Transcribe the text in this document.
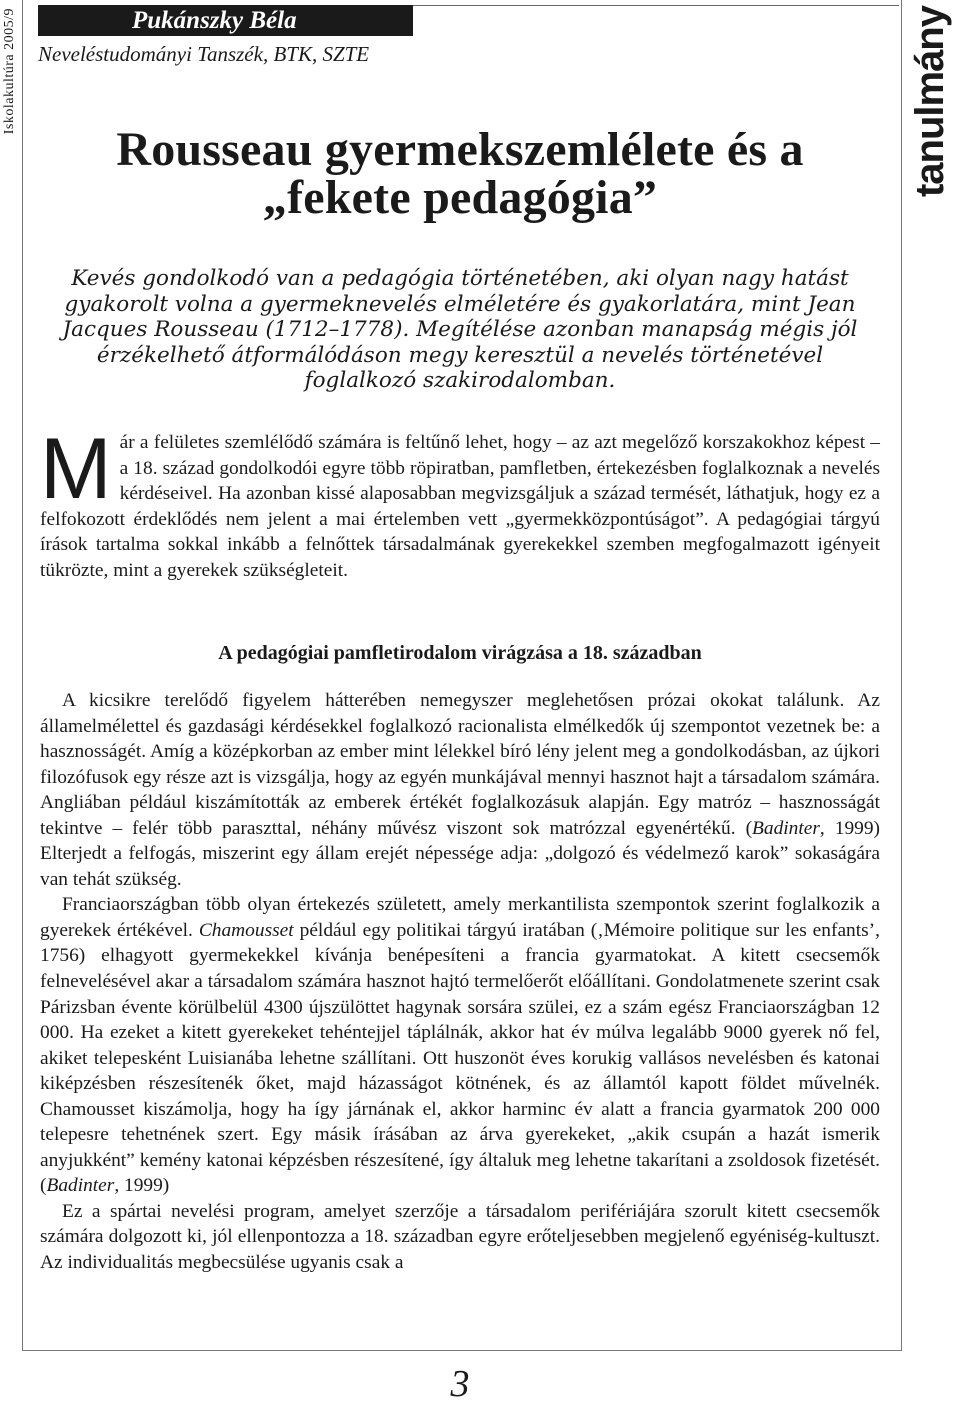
Iskolakultúra 2005/9	tanulmány
Pukánszky Béla
Neveléstudományi Tanszék, BTK, SZTE
Rousseau gyermekszemlélete és a
„fekete pedagógia”
Kevés gondolkodó van a pedagógia történetében, aki olyan nagy hatást gyakorolt volna a gyermeknevelés elméletére és gyakorlatára, mint Jean Jacques Rousseau (1712–1778). Megítélése azonban manapság mégis jól érzékelhető átformálódáson megy keresztül a nevelés történetével foglalkozó szakirodalomban.
Már a felületes szemlélődő számára is feltűnő lehet, hogy – az azt megelőző korszakokhoz képest – a 18. század gondolkodói egyre több röpiratban, pamfletben, értekezésben foglalkoznak a nevelés kérdéseivel. Ha azonban kissé alaposabban megvizsgáljuk a század termését, láthatjuk, hogy ez a felfokozott érdeklődés nem jelent a mai értelemben vett „gyermekközpontúságot”. A pedagógiai tárgyú írások tartalma sokkal inkább a felnőttek társadalmának gyerekekkel szemben megfogalmazott igényeit tükrözte, mint a gyerekek szükségleteit.
A pedagógiai pamfletirodalom virágzása a 18. században

A kicsikre terelődő figyelem hátterében nemegyszer meglehetősen prózai okokat találunk. Az államelmélettel és gazdasági kérdésekkel foglalkozó racionalista elmélkedők új szempontot vezetnek be: a hasznosságét. Amíg a középkorban az ember mint lélekkel bíró lény jelent meg a gondolkodásban, az újkori filozófusok egy része azt is vizsgálja, hogy az egyén munkájával mennyi hasznot hajt a társadalom számára. Angliában például kiszámították az emberek értékét foglalkozásuk alapján. Egy matróz – hasznosságát tekintve – felér több paraszttal, néhány művész viszont sok matrózzal egyenértékű. (Badinter, 1999) Elterjedt a felfogás, miszerint egy állam erejét népessége adja: „dolgozó és védelmező karok” sokaságára van tehát szükség.

Franciaországban több olyan értekezés született, amely merkantilista szempontok szerint foglalkozik a gyerekek értékével. Chamousset például egy politikai tárgyú iratában (‚Mémoire politique sur les enfants’, 1756) elhagyott gyermekekkel kívánja benépesíteni a francia gyarmatokat. A kitett csecsemők felnevelésével akar a társadalom számára hasznot hajtó termelőerőt előállítani. Gondolatmenete szerint csak Párizsban évente körülbelül 4300 újszülöttet hagynak sorsára szülei, ez a szám egész Franciaországban 12 000. Ha ezeket a kitett gyerekeket tehéntejjel táplálnák, akkor hat év múlva legalább 9000 gyerek nő fel, akiket telepesként Luisianába lehetne szállítani. Ott huszonöt éves korukig vallásos nevelésben és katonai kiképzésben részesítenék őket, majd házasságot kötnének, és az államtól kapott földet művelnék. Chamousset kiszámolja, hogy ha így járnának el, akkor harminc év alatt a francia gyarmatok 200 000 telepesre tehetnének szert. Egy másik írásában az árva gyerekeket, „akik csupán a hazát ismerik anyjukként” kemény katonai képzésben részesítené, így általuk meg lehetne takarítani a zsoldosok fizetését. (Badinter, 1999)

Ez a spártai nevelési program, amelyet szerzője a társadalom perifériájára szorult kitett csecsemők számára dolgozott ki, jól ellenpontozza a 18. században egyre erőteljesebben megjelenő egyéniség-kultuszt. Az individualitás megbecsülése ugyanis csak a

3
